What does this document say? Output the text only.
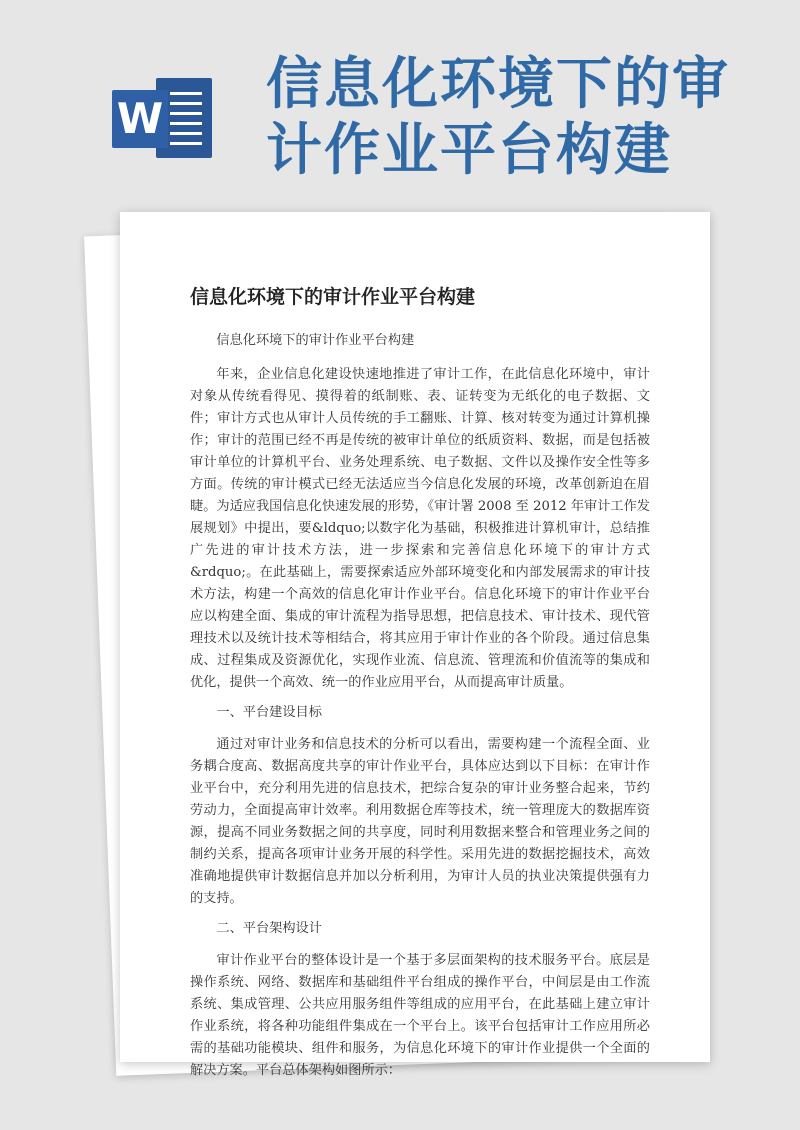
W
信息化环境下的审计作业平台构建
信息化环境下的审计作业平台构建

信息化环境下的审计作业平台构建

年来，企业信息化建设快速地推进了审计工作，在此信息化环境中，审计对象从传统看得见、摸得着的纸制账、表、证转变为无纸化的电子数据、文件；审计方式也从审计人员传统的手工翻账、计算、核对转变为通过计算机操作；审计的范围已经不再是传统的被审计单位的纸质资料、数据，而是包括被审计单位的计算机平台、业务处理系统、电子数据、文件以及操作安全性等多方面。传统的审计模式已经无法适应当今信息化发展的环境，改革创新迫在眉睫。为适应我国信息化快速发展的形势，《审计署 2008 至 2012 年审计工作发展规划》中提出，要&ldquo;以数字化为基础，积极推进计算机审计，总结推广先进的审计技术方法，进一步探索和完善信息化环境下的审计方式&rdquo;。在此基础上，需要探索适应外部环境变化和内部发展需求的审计技术方法，构建一个高效的信息化审计作业平台。信息化环境下的审计作业平台应以构建全面、集成的审计流程为指导思想，把信息技术、审计技术、现代管理技术以及统计技术等相结合，将其应用于审计作业的各个阶段。通过信息集成、过程集成及资源优化，实现作业流、信息流、管理流和价值流等的集成和优化，提供一个高效、统一的作业应用平台，从而提高审计质量。

一、平台建设目标

通过对审计业务和信息技术的分析可以看出，需要构建一个流程全面、业务耦合度高、数据高度共享的审计作业平台，具体应达到以下目标：在审计作业平台中，充分利用先进的信息技术，把综合复杂的审计业务整合起来，节约劳动力，全面提高审计效率。利用数据仓库等技术，统一管理庞大的数据库资源，提高不同业务数据之间的共享度，同时利用数据来整合和管理业务之间的制约关系，提高各项审计业务开展的科学性。采用先进的数据挖掘技术，高效准确地提供审计数据信息并加以分析利用，为审计人员的执业决策提供强有力的支持。

二、平台架构设计

审计作业平台的整体设计是一个基于多层面架构的技术服务平台。底层是操作系统、网络、数据库和基础组件平台组成的操作平台，中间层是由工作流系统、集成管理、公共应用服务组件等组成的应用平台，在此基础上建立审计作业系统，将各种功能组件集成在一个平台上。该平台包括审计工作应用所必需的基础功能模块、组件和服务，为信息化环境下的审计作业提供一个全面的解决方案。平台总体架构如图所示：
